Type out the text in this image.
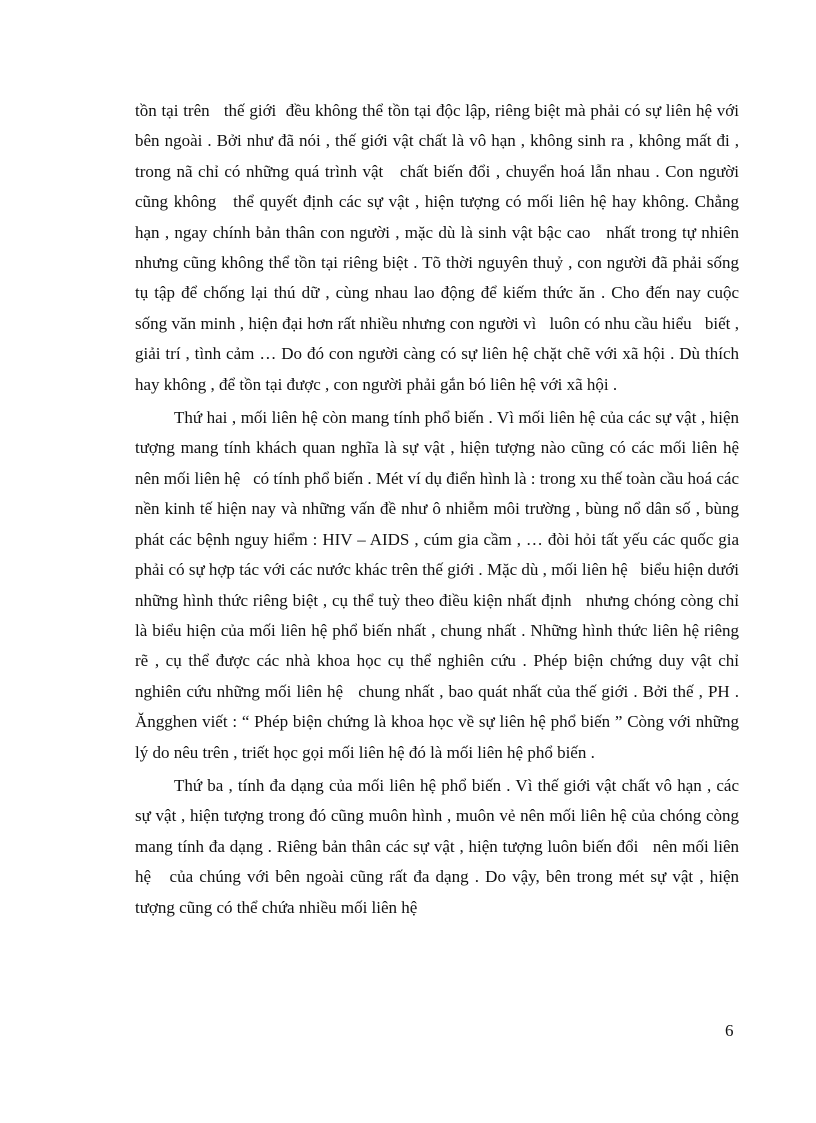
tồn tại trên   thế giới  đều không thể tồn tại độc lập, riêng biệt mà phải có sự liên hệ với bên ngoài . Bởi như đã nói , thế giới vật chất là vô hạn , không sinh ra , không mất đi , trong nã chỉ có những quá trình vật   chất biến đổi , chuyển hoá lẫn nhau . Con người cũng không   thể quyết định các sự vật , hiện tượng có mối liên hệ hay không. Chẳng hạn , ngay chính bản thân con người , mặc dù là sinh vật bậc cao   nhất trong tự nhiên nhưng cũng không thể tồn tại riêng biệt . Tõ thời nguyên thuỷ , con người đã phải sống tụ tập để chống lại thú dữ , cùng nhau lao động để kiếm thức ăn . Cho đến nay cuộc sống văn minh , hiện đại hơn rất nhiều nhưng con người vì   luôn có nhu cầu hiểu   biết , giải trí , tình cảm … Do đó con người càng có sự liên hệ chặt chẽ với xã hội . Dù thích hay không , để tồn tại được , con người phải gắn bó liên hệ với xã hội .

Thứ hai , mối liên hệ còn mang tính phổ biến . Vì mối liên hệ của các sự vật , hiện tượng mang tính khách quan nghĩa là sự vật , hiện tượng nào cũng có các mối liên hệ nên mối liên hệ   có tính phổ biến . Mét ví dụ điển hình là : trong xu thế toàn cầu hoá các nền kinh tế hiện nay và những vấn đề như ô nhiễm môi trường , bùng nổ dân số , bùng phát các bệnh nguy hiểm : HIV – AIDS , cúm gia cầm , … đòi hỏi tất yếu các quốc gia phải có sự hợp tác với các nước khác trên thế giới . Mặc dù , mối liên hệ   biểu hiện dưới những hình thức riêng biệt , cụ thể tuỳ theo điều kiện nhất định   nhưng chóng còng chỉ là biểu hiện của mối liên hệ phổ biến nhất , chung nhất . Những hình thức liên hệ riêng rẽ , cụ thể được các nhà khoa học cụ thể nghiên cứu . Phép biện chứng duy vật chỉ nghiên cứu những mối liên hệ   chung nhất , bao quát nhất của thế giới . Bởi thế , PH . Ăngghen viết : “ Phép biện chứng là khoa học về sự liên hệ phổ biến ” Còng với những lý do nêu trên , triết học gọi mối liên hệ đó là mối liên hệ phổ biến .

Thứ ba , tính đa dạng của mối liên hệ phổ biến . Vì thế giới vật chất vô hạn , các sự vật , hiện tượng trong đó cũng muôn hình , muôn vẻ nên mối liên hệ của chóng còng mang tính đa dạng . Riêng bản thân các sự vật , hiện tượng luôn biến đổi   nên mối liên hệ   của chúng với bên ngoài cũng rất đa dạng . Do vậy, bên trong mét sự vật , hiện tượng cũng có thể chứa nhiều mối liên hệ

6
